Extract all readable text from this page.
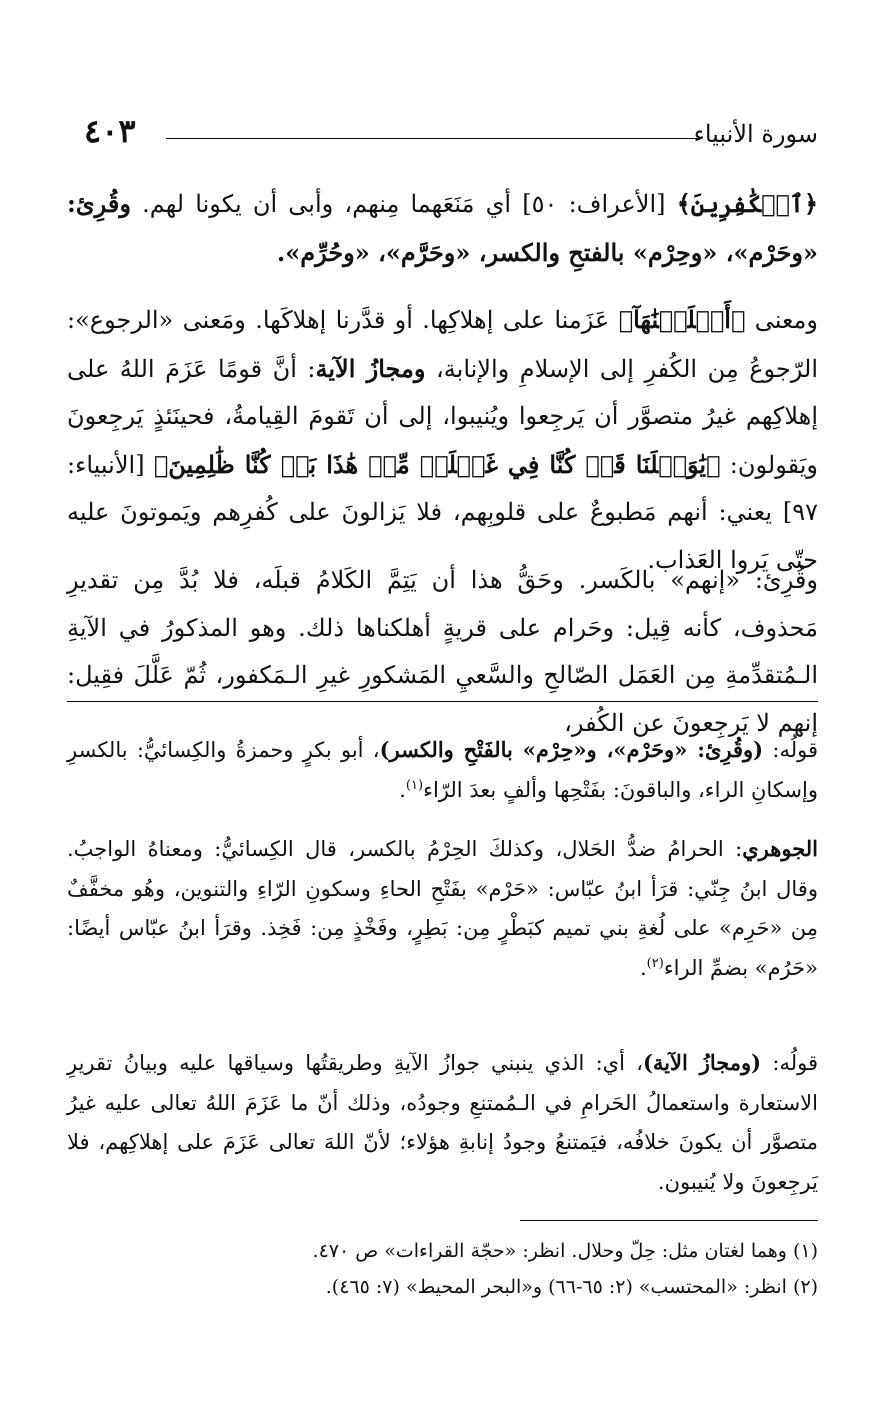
سورة الأنبياء
٤٠٣

﴿ٱلۡكَٰفِرِينَ﴾ [الأعراف: ٥٠] أي مَنَعَهما مِنهم، وأبى أن يكونا لهم. وقُرِئ: «وحَرْم»، «وحِرْم» بالفتحِ والكسر، «وحَرَّم»، «وحُرِّم».

ومعنى ﴿أَهۡلَكۡنَٰهَآ﴾ عَزَمنا على إهلاكِها. أو قدَّرنا إهلاكَها. ومَعنى «الرجوع»: الرّجوعُ مِن الكُفرِ إلى الإسلامِ والإنابة، ومجازُ الآية: أنَّ قومًا عَزَمَ اللهُ على إهلاكِهم غيرُ متصوَّر أن يَرجِعوا ويُنيبوا، إلى أن تَقومَ القِيامةُ، فحينَئذٍ يَرجِعونَ ويَقولون: ﴿يَٰوَيۡلَنَا قَدۡ كُنَّا فِي غَفۡلَةٖ مِّنۡ هَٰذَا بَلۡ كُنَّا ظَٰلِمِينَ﴾ [الأنبياء: ٩٧] يعني: أنهم مَطبوعٌ على قلوبِهم، فلا يَزالونَ على كُفرِهم ويَموتونَ عليه حتّى يَروا العَذاب.

وقُرِئ: «إنهم» بالكَسر. وحَقُّ هذا أن يَتِمَّ الكَلامُ قبلَه، فلا بُدَّ مِن تقديرِ مَحذوف، كأنه قِيل: وحَرام على قريةٍ أهلكناها ذلك. وهو المذكورُ في الآيةِ الـمُتقدِّمةِ مِن العَمَل الصّالحِ والسَّعيِ المَشكورِ غيرِ الـمَكفور، ثُمّ عَلَّلَ فقِيل: إنهم لا يَرجِعونَ عن الكُفر،

قولُه: (وقُرِئ: «وحَرْم»، و«حِرْم» بالفَتْحِ والكسر)، أبو بكرٍ وحمزةُ والكِسائيُّ: بالكسرِ وإسكانِ الراء، والباقونَ: بفَتْحِها وألفٍ بعدَ الرّاء$^{(١)}$.

الجوهري: الحرامُ ضدُّ الحَلال، وكذلكَ الحِرْمُ بالكسر، قال الكِسائيُّ: ومعناهُ الواجبُ. وقال ابنُ جِنّي: قرَأ ابنُ عبّاس: «حَرْم» بفَتْحِ الحاءِ وسكونِ الرّاءِ والتنوين، وهُو مخفَّفٌ مِن «حَرِم» على لُغةِ بني تميم كبَطْرٍ مِن: بَطِرٍ، وفَخْذٍ مِن: فَخِذ. وقرَأ ابنُ عبّاس أيضًا: «حَرُم» بضمِّ الراء$^{(٢)}$.

قولُه: (ومجازُ الآية)، أي: الذي ينبني جوازُ الآيةِ وطريقتُها وسياقها عليه وبيانُ تقريرِ الاستعارة واستعمالُ الحَرامِ في الـمُمتنعِ وجودُه، وذلك أنّ ما عَزَمَ اللهُ تعالى عليه غيرُ متصوَّر أن يكونَ خلافُه، فيَمتنعُ وجودُ إنابةِ هؤلاء؛ لأنّ اللهَ تعالى عَزَمَ على إهلاكِهم، فلا يَرجِعونَ ولا يُنيبون.

(١) وهما لغتان مثل: حِلّ وحلال. انظر: «حجّة القراءات» ص ٤٧٠.

(٢) انظر: «المحتسب» (٢: ٦٥-٦٦) و«البحر المحيط» (٧: ٤٦٥).
